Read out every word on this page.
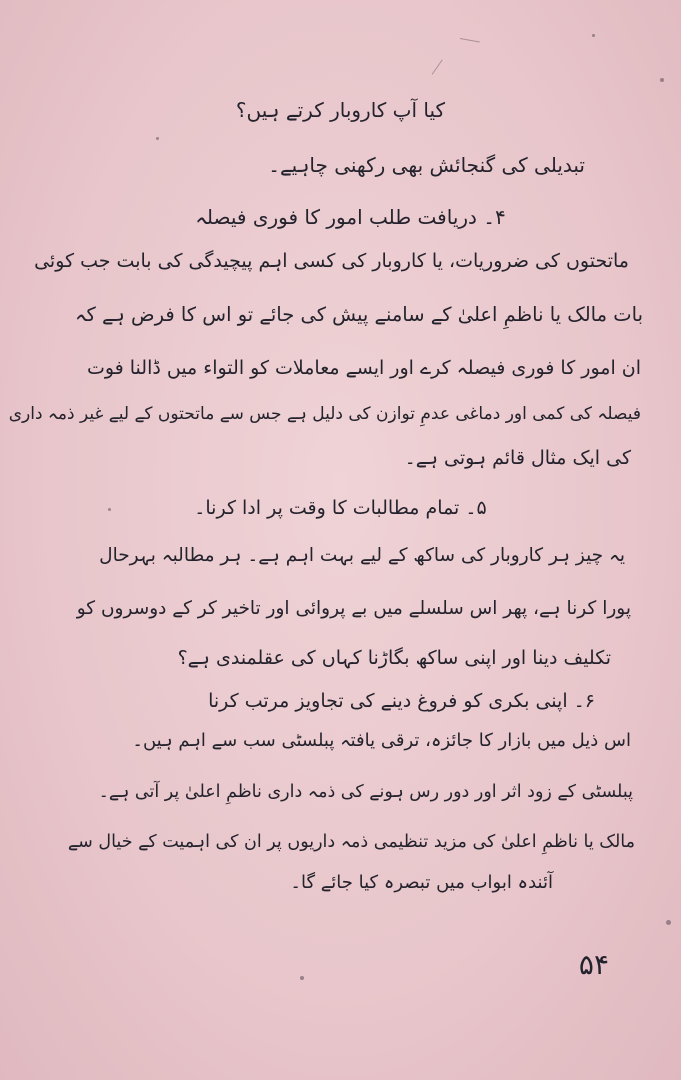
کیا آپ کاروبار کرتے ہیں؟
تبدیلی کی گنجائش بھی رکھنی چاہیے۔
۴۔ دریافت طلب امور کا فوری فیصلہ
ماتحتوں کی ضروریات، یا کاروبار کی کسی اہم پیچیدگی کی بابت جب کوئی
بات مالک یا ناظمِ اعلیٰ کے سامنے پیش کی جائے تو اس کا فرض ہے کہ
ان امور کا فوری فیصلہ کرے اور ایسے معاملات کو التواء میں ڈالنا فوت
فیصلہ کی کمی اور دماغی عدمِ توازن کی دلیل ہے جس سے ماتحتوں کے لیے غیر ذمہ داری
کی ایک مثال قائم ہوتی ہے۔
۵۔ تمام مطالبات کا وقت پر ادا کرنا۔
یہ چیز ہر کاروبار کی ساکھ کے لیے بہت اہم ہے۔ ہر مطالبہ بہرحال
پورا کرنا ہے، پھر اس سلسلے میں بے پروائی اور تاخیر کر کے دوسروں کو
تکلیف دینا اور اپنی ساکھ بگاڑنا کہاں کی عقلمندی ہے؟
۶۔ اپنی بکری کو فروغ دینے کی تجاویز مرتب کرنا
اس ذیل میں بازار کا جائزہ، ترقی یافتہ پبلسٹی سب سے اہم ہیں۔
پبلسٹی کے زود اثر اور دور رس ہونے کی ذمہ داری ناظمِ اعلیٰ پر آتی ہے۔
مالک یا ناظمِ اعلیٰ کی مزید تنظیمی ذمہ داریوں پر ان کی اہمیت کے خیال سے
آئندہ ابواب میں تبصرہ کیا جائے گا۔
۵۴
